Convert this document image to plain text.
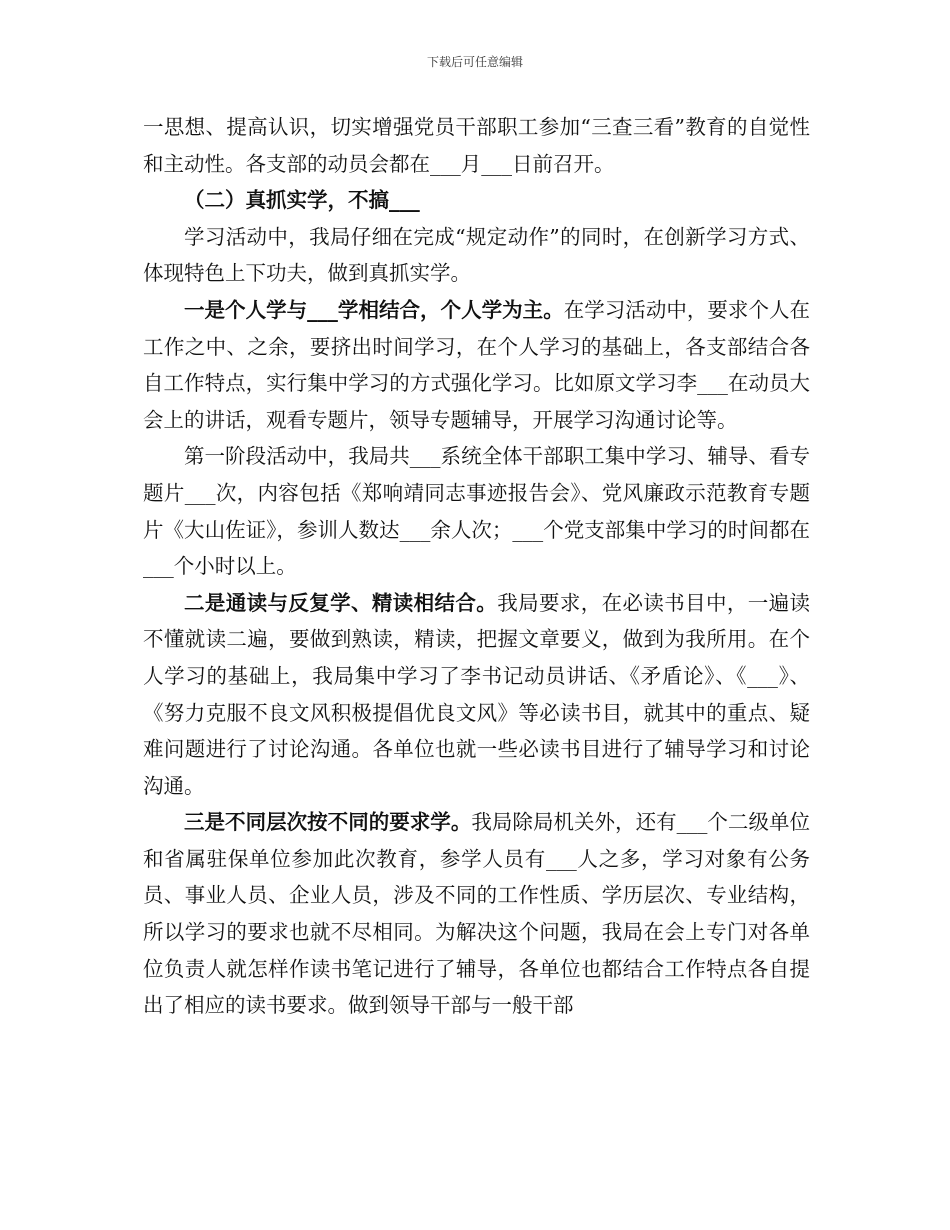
下载后可任意编辑

一思想、提高认识，切实增强党员干部职工参加“三查三看”教育的自觉性和主动性。各支部的动员会都在___月___日前召开。

（二）真抓实学，不搞___

学习活动中，我局仔细在完成“规定动作”的同时，在创新学习方式、体现特色上下功夫，做到真抓实学。

一是个人学与___学相结合，个人学为主。在学习活动中，要求个人在工作之中、之余，要挤出时间学习，在个人学习的基础上，各支部结合各自工作特点，实行集中学习的方式强化学习。比如原文学习李___在动员大会上的讲话，观看专题片，领导专题辅导，开展学习沟通讨论等。

第一阶段活动中，我局共___系统全体干部职工集中学习、辅导、看专题片___次，内容包括《郑响靖同志事迹报告会》、党风廉政示范教育专题片《大山佐证》，参训人数达___余人次；___个党支部集中学习的时间都在___个小时以上。

二是通读与反复学、精读相结合。我局要求，在必读书目中，一遍读不懂就读二遍，要做到熟读，精读，把握文章要义，做到为我所用。在个人学习的基础上，我局集中学习了李书记动员讲话、《矛盾论》、《___》、《努力克服不良文风积极提倡优良文风》等必读书目，就其中的重点、疑难问题进行了讨论沟通。各单位也就一些必读书目进行了辅导学习和讨论沟通。

三是不同层次按不同的要求学。我局除局机关外，还有___个二级单位和省属驻保单位参加此次教育，参学人员有___人之多，学习对象有公务员、事业人员、企业人员，涉及不同的工作性质、学历层次、专业结构，所以学习的要求也就不尽相同。为解决这个问题，我局在会上专门对各单位负责人就怎样作读书笔记进行了辅导，各单位也都结合工作特点各自提出了相应的读书要求。做到领导干部与一般干部
